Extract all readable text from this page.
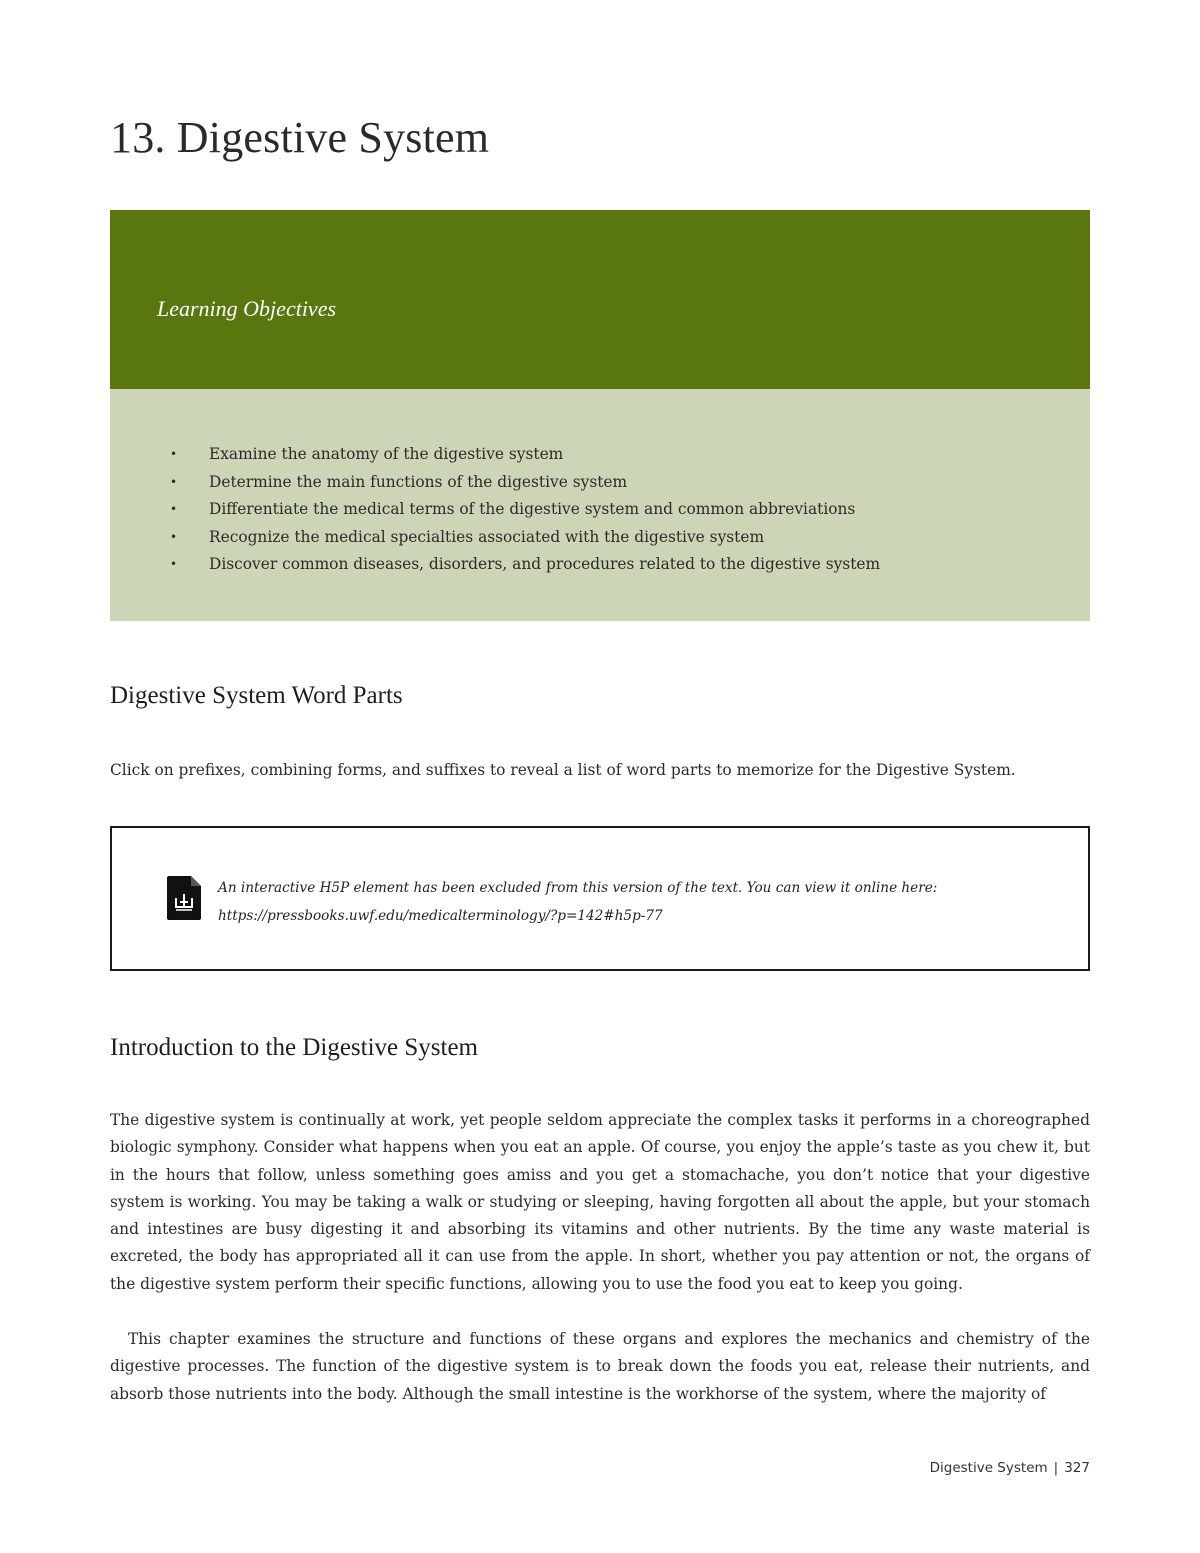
13. Digestive System
Learning Objectives
• Examine the anatomy of the digestive system
• Determine the main functions of the digestive system
• Differentiate the medical terms of the digestive system and common abbreviations
• Recognize the medical specialties associated with the digestive system
• Discover common diseases, disorders, and procedures related to the digestive system
Digestive System Word Parts

Click on prefixes, combining forms, and suffixes to reveal a list of word parts to memorize for the Digestive System.

An interactive H5P element has been excluded from this version of the text. You can view it online here:
https://pressbooks.uwf.edu/medicalterminology/?p=142#h5p-77

Introduction to the Digestive System

The digestive system is continually at work, yet people seldom appreciate the complex tasks it performs in a choreographed biologic symphony. Consider what happens when you eat an apple. Of course, you enjoy the apple’s taste as you chew it, but in the hours that follow, unless something goes amiss and you get a stomachache, you don’t notice that your digestive system is working. You may be taking a walk or studying or sleeping, having forgotten all about the apple, but your stomach and intestines are busy digesting it and absorbing its vitamins and other nutrients. By the time any waste material is excreted, the body has appropriated all it can use from the apple. In short, whether you pay attention or not, the organs of the digestive system perform their specific functions, allowing you to use the food you eat to keep you going.

This chapter examines the structure and functions of these organs and explores the mechanics and chemistry of the digestive processes. The function of the digestive system is to break down the foods you eat, release their nutrients, and absorb those nutrients into the body. Although the small intestine is the workhorse of the system, where the majority of

Digestive System | 327
